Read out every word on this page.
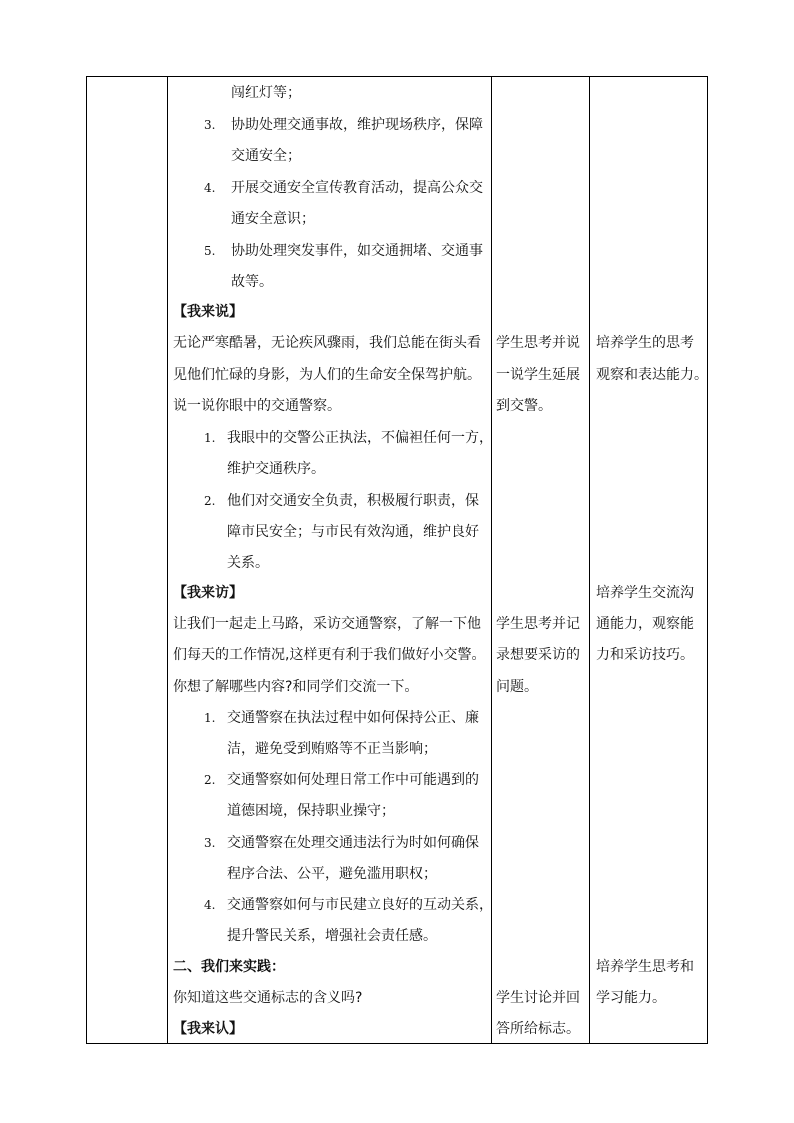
闯红灯等；
3. 协助处理交通事故，维护现场秩序，保障
交通安全；
4. 开展交通安全宣传教育活动，提高公众交
通安全意识；
5. 协助处理突发事件，如交通拥堵、交通事
故等。
【我来说】
无论严寒酷暑，无论疾风骤雨，我们总能在街头看
见他们忙碌的身影，为人们的生命安全保驾护航。
说一说你眼中的交通警察。
1. 我眼中的交警公正执法，不偏袒任何一方，
维护交通秩序。
2. 他们对交通安全负责，积极履行职责，保
障市民安全；与市民有效沟通，维护良好
关系。
【我来访】
让我们一起走上马路，采访交通警察，了解一下他
们每天的工作情况,这样更有利于我们做好小交警。
你想了解哪些内容?和同学们交流一下。
1. 交通警察在执法过程中如何保持公正、廉
洁，避免受到贿赂等不正当影响；
2. 交通警察如何处理日常工作中可能遇到的
道德困境，保持职业操守；
3. 交通警察在处理交通违法行为时如何确保
程序合法、公平，避免滥用职权；
4. 交通警察如何与市民建立良好的互动关系，
提升警民关系，增强社会责任感。
二、我们来实践：
你知道这些交通标志的含义吗?
【我来认】
学生思考并说
一说学生延展
到交警。
学生思考并记
录想要采访的
问题。
学生讨论并回
答所给标志。
培养学生的思考
观察和表达能力。
培养学生交流沟
通能力，观察能
力和采访技巧。
培养学生思考和
学习能力。
